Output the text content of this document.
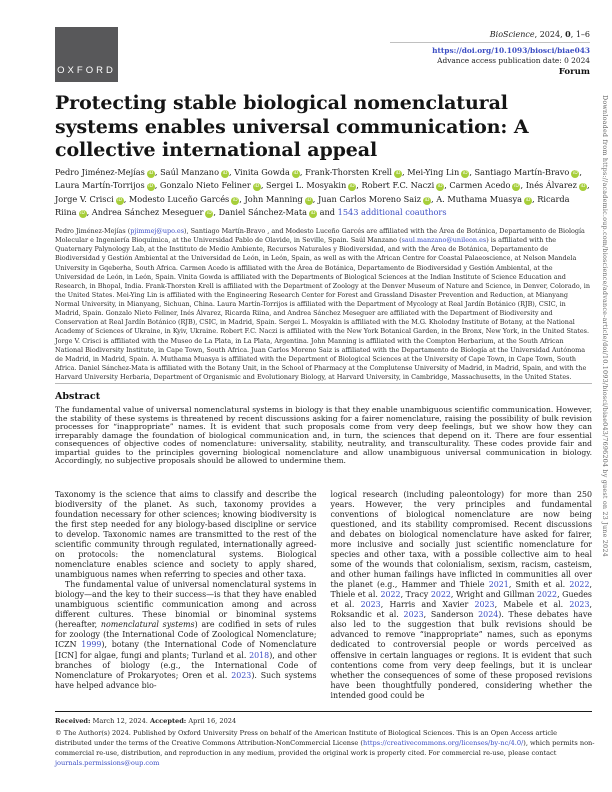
OXFORD
BioScience, 2024, 0, 1–6
https://doi.org/10.1093/biosci/biae043
Advance access publication date: 0 2024
Forum
Protecting stable biological nomenclatural systems enables universal communication: A collective international appeal
Pedro Jiménez-Mejías iD , Saúl Manzano iD , Vinita Gowda iD , Frank-Thorsten Krell iD , Mei-Ying Lin iD , Santiago Martín-Bravo iD , Laura Martín-Torrijos iD , Gonzalo Nieto Feliner iD , Sergei L. Mosyakin iD , Robert F.C. Naczi iD , Carmen Acedo iD , Inés Álvarez iD , Jorge V. Crisci iD , Modesto Luceño Garcés iD , John Manning iD , Juan Carlos Moreno Saiz iD , A. Muthama Muasya iD , Ricarda Riina iD , Andrea Sánchez Meseguer iD , Daniel Sánchez-Mata iD and 1543 additional coauthors
Pedro Jiménez-Mejías (pjimmej@upo.es), Santiago Martín-Bravo , and Modesto Luceño Garcés are affiliated with the Área de Botánica, Departamento de Biología Molecular e Ingeniería Bioquímica, at the Universidad Pablo de Olavide, in Seville, Spain. Saúl Manzano (saul.manzano@unileon.es) is affiliated with the Quaternary Palynology Lab, at the Instituto de Medio Ambiente, Recursos Naturales y Biodiversidad, and with the Área de Botánica, Departamento de Biodiversidad y Gestión Ambiental at the Universidad de León, in León, Spain, as well as with the African Centre for Coastal Palaeoscience, at Nelson Mandela University in Gqeberha, South Africa. Carmen Acedo is affiliated with the Área de Botánica, Departamento de Biodiversidad y Gestión Ambiental, at the Universidad de León, in León, Spain. Vinita Gowda is affiliated with the Departments of Biological Sciences at the Indian Institute of Science Education and Research, in Bhopal, India. Frank-Thorsten Krell is affiliated with the Department of Zoology at the Denver Museum of Nature and Science, in Denver, Colorado, in the United States. Mei-Ying Lin is affiliated with the Engineering Research Center for Forest and Grassland Disaster Prevention and Reduction, at Mianyang Normal University, in Mianyang, Sichuan, China. Laura Martín-Torrijos is affiliated with the Department of Mycology at Real Jardín Botánico (RJB), CSIC, in Madrid, Spain. Gonzalo Nieto Feliner, Inés Álvarez, Ricarda Riina, and Andrea Sánchez Meseguer are affiliated with the Department of Biodiversity and Conservation at Real Jardín Botánico (RJB), CSIC, in Madrid, Spain. Sergei L. Mosyakin is affiliated with the M.G. Kholodny Institute of Botany, at the National Academy of Sciences of Ukraine, in Kyiv, Ukraine. Robert F.C. Naczi is affiliated with the New York Botanical Garden, in the Bronx, New York, in the United States. Jorge V. Crisci is affiliated with the Museo de La Plata, in La Plata, Argentina. John Manning is affiliated with the Compton Herbarium, at the South African National Biodiversity Institute, in Cape Town, South Africa. Juan Carlos Moreno Saiz is affiliated with the Departamento de Biología at the Universidad Autónoma de Madrid, in Madrid, Spain. A. Muthama Muasya is affiliated with the Department of Biological Sciences at the University of Cape Town, in Cape Town, South Africa. Daniel Sánchez-Mata is affiliated with the Botany Unit, in the School of Pharmacy at the Complutense University of Madrid, in Madrid, Spain, and with the Harvard University Herbaria, Department of Organismic and Evolutionary Biology, at Harvard University, in Cambridge, Massachusetts, in the United States.
Abstract
The fundamental value of universal nomenclatural systems in biology is that they enable unambiguous scientific communication. However, the stability of these systems is threatened by recent discussions asking for a fairer nomenclature, raising the possibility of bulk revision processes for “inappropriate” names. It is evident that such proposals come from very deep feelings, but we show how they can irreparably damage the foundation of biological communication and, in turn, the sciences that depend on it. There are four essential consequences of objective codes of nomenclature: universality, stability, neutrality, and transculturality. These codes provide fair and impartial guides to the principles governing biological nomenclature and allow unambiguous universal communication in biology. Accordingly, no subjective proposals should be allowed to undermine them.

Taxonomy is the science that aims to classify and describe the biodiversity of the planet. As such, taxonomy provides a foundation necessary for other sciences; knowing biodiversity is the first step needed for any biology-based discipline or service to develop. Taxonomic names are transmitted to the rest of the scientific community through regulated, internationally agreed-on protocols: the nomenclatural systems. Biological nomenclature enables science and society to apply shared, unambiguous names when referring to species and other taxa.

The fundamental value of universal nomenclatural systems in biology—and the key to their success—is that they have enabled unambiguous scientific communication among and across different cultures. These binomial or binominal systems (hereafter, nomenclatural systems) are codified in sets of rules for zoology (the International Code of Zoological Nomenclature; ICZN 1999), botany (the International Code of Nomenclature [ICN] for algae, fungi and plants; Turland et al. 2018), and other branches of biology (e.g., the International Code of Nomenclature of Prokaryotes; Oren et al. 2023). Such systems have helped advance bio-

logical research (including paleontology) for more than 250 years. However, the very principles and fundamental conventions of biological nomenclature are now being questioned, and its stability compromised. Recent discussions and debates on biological nomenclature have asked for fairer, more inclusive and socially just scientific nomenclature for species and other taxa, with a possible collective aim to heal some of the wounds that colonialism, sexism, racism, casteism, and other human failings have inflicted in communities all over the planet (e.g., Hammer and Thiele 2021, Smith et al. 2022, Thiele et al. 2022, Tracy 2022, Wright and Gillman 2022, Guedes et al. 2023, Harris and Xavier 2023, Mabele et al. 2023, Roksandic et al. 2023, Sanderson 2024). These debates have also led to the suggestion that bulk revisions should be advanced to remove “inappropriate” names, such as eponyms dedicated to controversial people or words perceived as offensive in certain languages or regions. It is evident that such contentions come from very deep feelings, but it is unclear whether the consequences of some of these proposed revisions have been thoughtfully pondered, considering whether the intended good could be

Received: March 12, 2024. Accepted: April 16, 2024
© The Author(s) 2024. Published by Oxford University Press on behalf of the American Institute of Biological Sciences. This is an Open Access article distributed under the terms of the Creative Commons Attribution-NonCommercial License (https://creativecommons.org/licenses/by-nc/4.0/), which permits non-commercial re-use, distribution, and reproduction in any medium, provided the original work is properly cited. For commercial re-use, please contact journals.permissions@oup.com
Downloaded from https://academic.oup.com/bioscience/advance-article/doi/10.1093/biosci/biae043/7696204 by guest on 23 June 2024
